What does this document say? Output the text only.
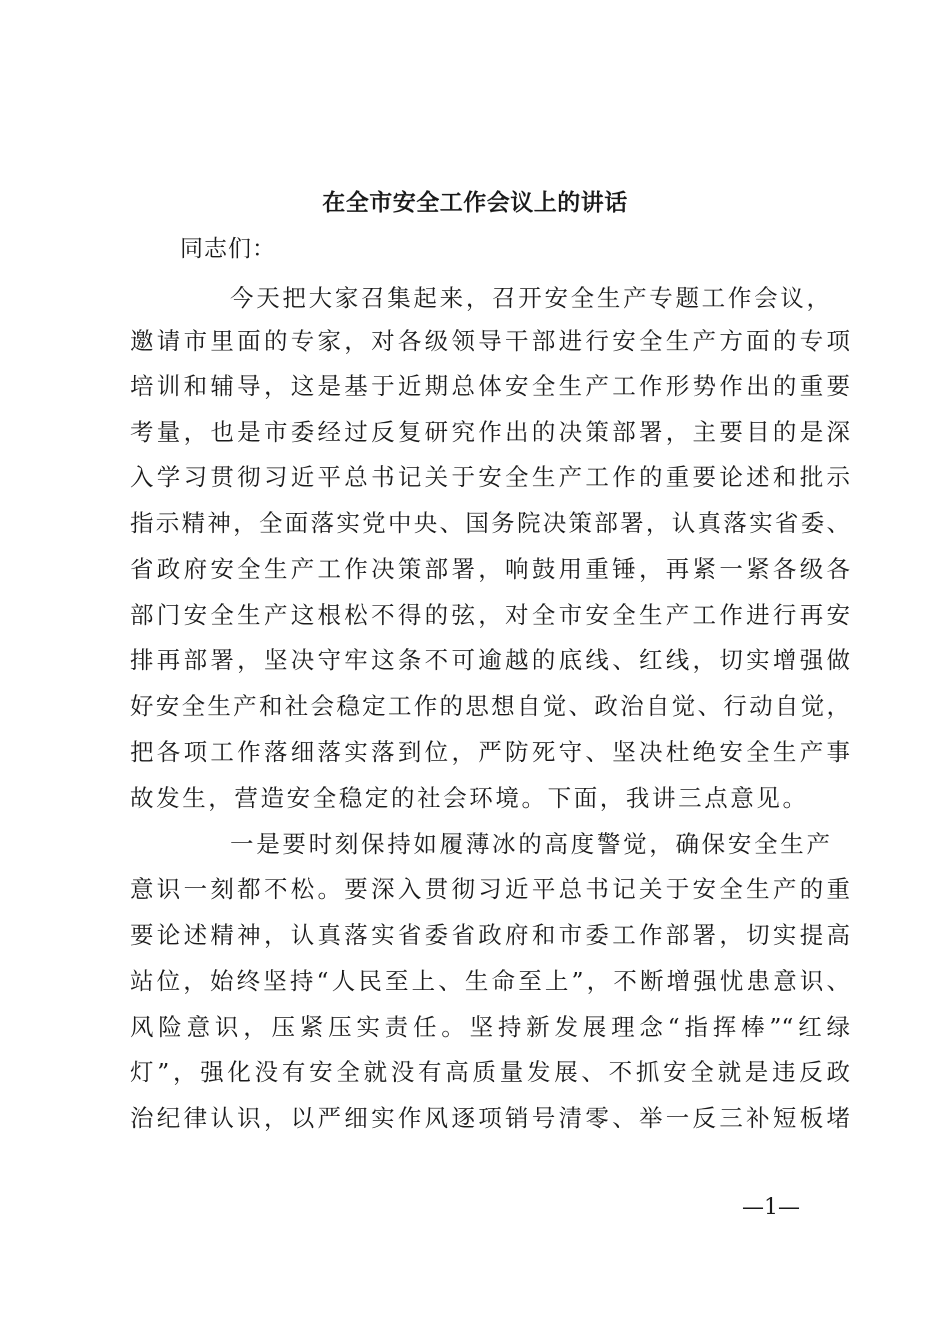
在全市安全工作会议上的讲话
同志们：
今天把大家召集起来，召开安全生产专题工作会议，
邀请市里面的专家，对各级领导干部进行安全生产方面的专项
培训和辅导，这是基于近期总体安全生产工作形势作出的重要
考量，也是市委经过反复研究作出的决策部署，主要目的是深
入学习贯彻习近平总书记关于安全生产工作的重要论述和批示
指示精神，全面落实党中央、国务院决策部署，认真落实省委、
省政府安全生产工作决策部署，响鼓用重锤，再紧一紧各级各
部门安全生产这根松不得的弦，对全市安全生产工作进行再安
排再部署，坚决守牢这条不可逾越的底线、红线，切实增强做
好安全生产和社会稳定工作的思想自觉、政治自觉、行动自觉，
把各项工作落细落实落到位，严防死守、坚决杜绝安全生产事
故发生，营造安全稳定的社会环境。下面，我讲三点意见。
一是要时刻保持如履薄冰的高度警觉，确保安全生产
意识一刻都不松。要深入贯彻习近平总书记关于安全生产的重
要论述精神，认真落实省委省政府和市委工作部署，切实提高
站位，始终坚持“人民至上、生命至上”，不断增强忧患意识、
风险意识，压紧压实责任。坚持新发展理念“指挥棒”“红绿
灯”，强化没有安全就没有高质量发展、不抓安全就是违反政
治纪律认识，以严细实作风逐项销号清零、举一反三补短板堵
—1—
